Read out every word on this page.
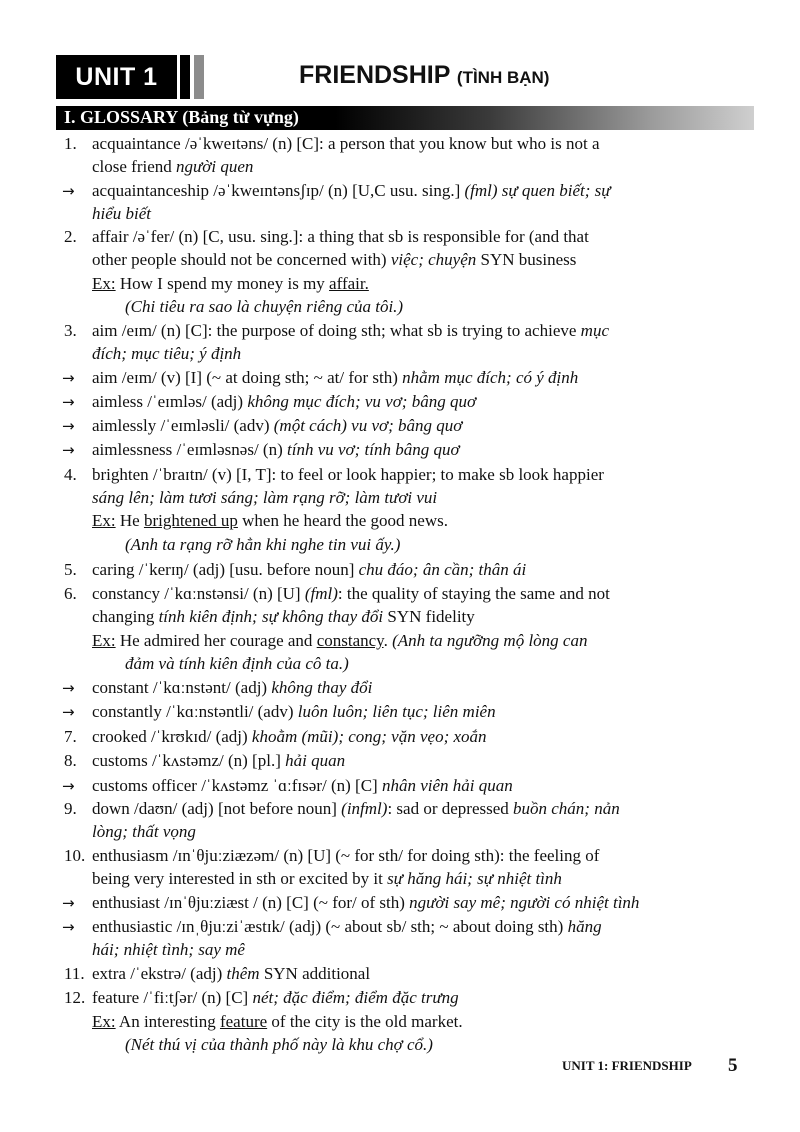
UNIT 1	FRIENDSHIP (TÌNH BẠN)
I. GLOSSARY (Bảng từ vựng)
1. acquaintance /əˈkweɪtəns/ (n) [C]: a person that you know but who is not a
close friend người quen
→ acquaintanceship /əˈkweɪntənsʃɪp/ (n) [U,C usu. sing.] (fml) sự quen biết; sự
hiểu biết
2. affair /əˈfer/ (n) [C, usu. sing.]: a thing that sb is responsible for (and that
other people should not be concerned with) việc; chuyện SYN business
Ex: How I spend my money is my affair.
(Chi tiêu ra sao là chuyện riêng của tôi.)
3. aim /eɪm/ (n) [C]: the purpose of doing sth; what sb is trying to achieve mục
đích; mục tiêu; ý định
→ aim /eɪm/ (v) [I] (~ at doing sth; ~ at/ for sth) nhằm mục đích; có ý định
→ aimless /ˈeɪmləs/ (adj) không mục đích; vu vơ; bâng quơ
→ aimlessly /ˈeɪmləsli/ (adv) (một cách) vu vơ; bâng quơ
→ aimlessness /ˈeɪmləsnəs/ (n) tính vu vơ; tính bâng quơ
4. brighten /ˈbraɪtn/ (v) [I, T]: to feel or look happier; to make sb look happier
sáng lên; làm tươi sáng; làm rạng rỡ; làm tươi vui
Ex: He brightened up when he heard the good news.
(Anh ta rạng rỡ hẳn khi nghe tin vui ấy.)
5. caring /ˈkerɪŋ/ (adj) [usu. before noun] chu đáo; ân cần; thân ái
6. constancy /ˈkɑːnstənsi/ (n) [U] (fml): the quality of staying the same and not
changing tính kiên định; sự không thay đổi SYN fidelity
Ex: He admired her courage and constancy. (Anh ta ngưỡng mộ lòng can
đảm và tính kiên định của cô ta.)
→ constant /ˈkɑːnstənt/ (adj) không thay đổi
→ constantly /ˈkɑːnstəntli/ (adv) luôn luôn; liên tục; liên miên
7. crooked /ˈkrʊkɪd/ (adj) khoằm (mũi); cong; vặn vẹo; xoắn
8. customs /ˈkʌstəmz/ (n) [pl.] hải quan
→ customs officer /ˈkʌstəmz ˈɑːfɪsər/ (n) [C] nhân viên hải quan
9. down /daʊn/ (adj) [not before noun] (infml): sad or depressed buồn chán; nản
lòng; thất vọng
10. enthusiasm /ɪnˈθjuːziæzəm/ (n) [U] (~ for sth/ for doing sth): the feeling of
being very interested in sth or excited by it sự hăng hái; sự nhiệt tình
→ enthusiast /ɪnˈθjuːziæst / (n) [C] (~ for/ of sth) người say mê; người có nhiệt tình
→ enthusiastic /ɪnˌθjuːziˈæstɪk/ (adj) (~ about sb/ sth; ~ about doing sth) hăng
hái; nhiệt tình; say mê
11. extra /ˈekstrə/ (adj) thêm SYN additional
12. feature /ˈfiːtʃər/ (n) [C] nét; đặc điểm; điểm đặc trưng
Ex: An interesting feature of the city is the old market.
(Nét thú vị của thành phố này là khu chợ cổ.)
UNIT 1: FRIENDSHIP 5
